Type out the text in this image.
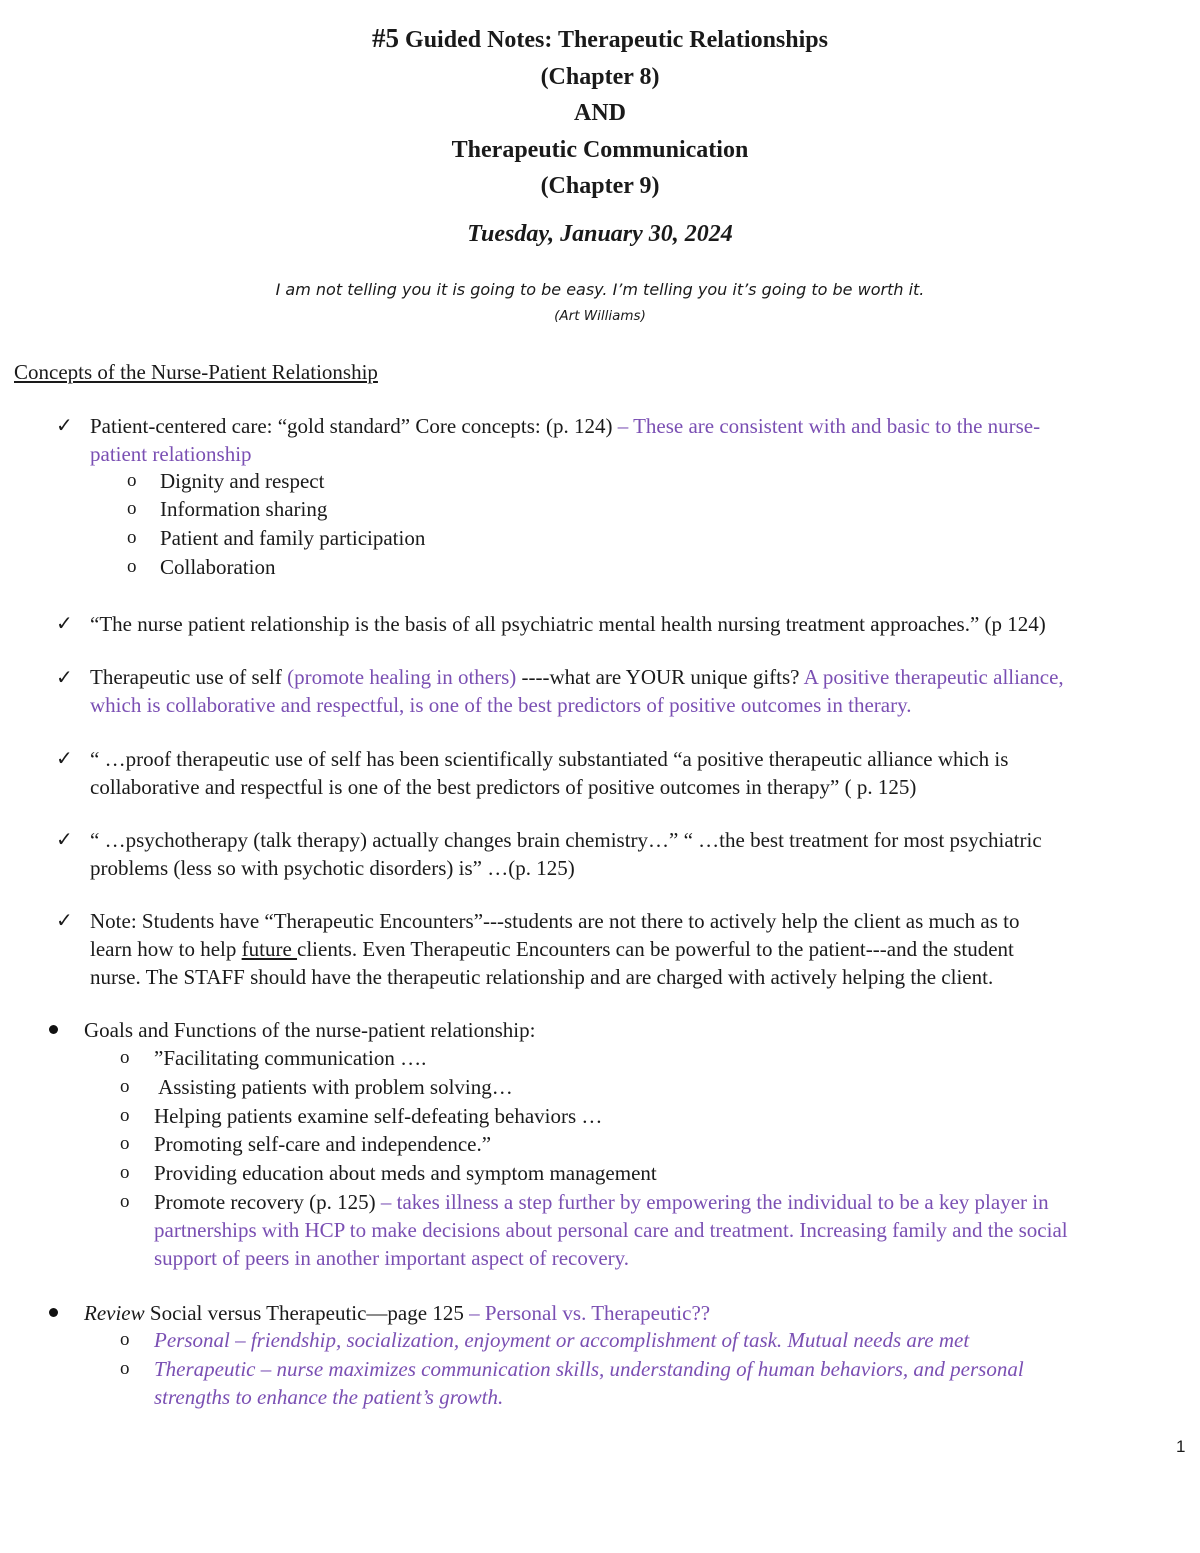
#5 Guided Notes: Therapeutic Relationships
(Chapter 8)
AND
Therapeutic Communication
(Chapter 9)
Tuesday, January 30, 2024
I am not telling you it is going to be easy. I’m telling you it’s going to be worth it.
(Art Williams)
Concepts of the Nurse-Patient Relationship
✓ Patient-centered care: “gold standard” Core concepts: (p. 124) – These are consistent with and basic to the nurse-
patient relationship
o Dignity and respect
o Information sharing
o Patient and family participation
o Collaboration
✓ “The nurse patient relationship is the basis of all psychiatric mental health nursing treatment approaches.” (p 124)
✓ Therapeutic use of self (promote healing in others) ----what are YOUR unique gifts? A positive therapeutic alliance,
which is collaborative and respectful, is one of the best predictors of positive outcomes in therary.
✓ “ …proof therapeutic use of self has been scientifically substantiated “a positive therapeutic alliance which is
collaborative and respectful is one of the best predictors of positive outcomes in therapy” ( p. 125)
✓ “ …psychotherapy (talk therapy) actually changes brain chemistry…” “ …the best treatment for most psychiatric
problems (less so with psychotic disorders) is” …(p. 125)
✓ Note: Students have “Therapeutic Encounters”---students are not there to actively help the client as much as to
learn how to help future clients. Even Therapeutic Encounters can be powerful to the patient---and the student
nurse. The STAFF should have the therapeutic relationship and are charged with actively helping the client.
Goals and Functions of the nurse-patient relationship:
o ”Facilitating communication ….
o Assisting patients with problem solving…
o Helping patients examine self-defeating behaviors …
o Promoting self-care and independence.”
o Providing education about meds and symptom management
o Promote recovery (p. 125) – takes illness a step further by empowering the individual to be a key player in
partnerships with HCP to make decisions about personal care and treatment. Increasing family and the social
support of peers in another important aspect of recovery.
Review Social versus Therapeutic—page 125 – Personal vs. Therapeutic??
o Personal – friendship, socialization, enjoyment or accomplishment of task. Mutual needs are met
o Therapeutic – nurse maximizes communication skills, understanding of human behaviors, and personal
strengths to enhance the patient’s growth.
1
